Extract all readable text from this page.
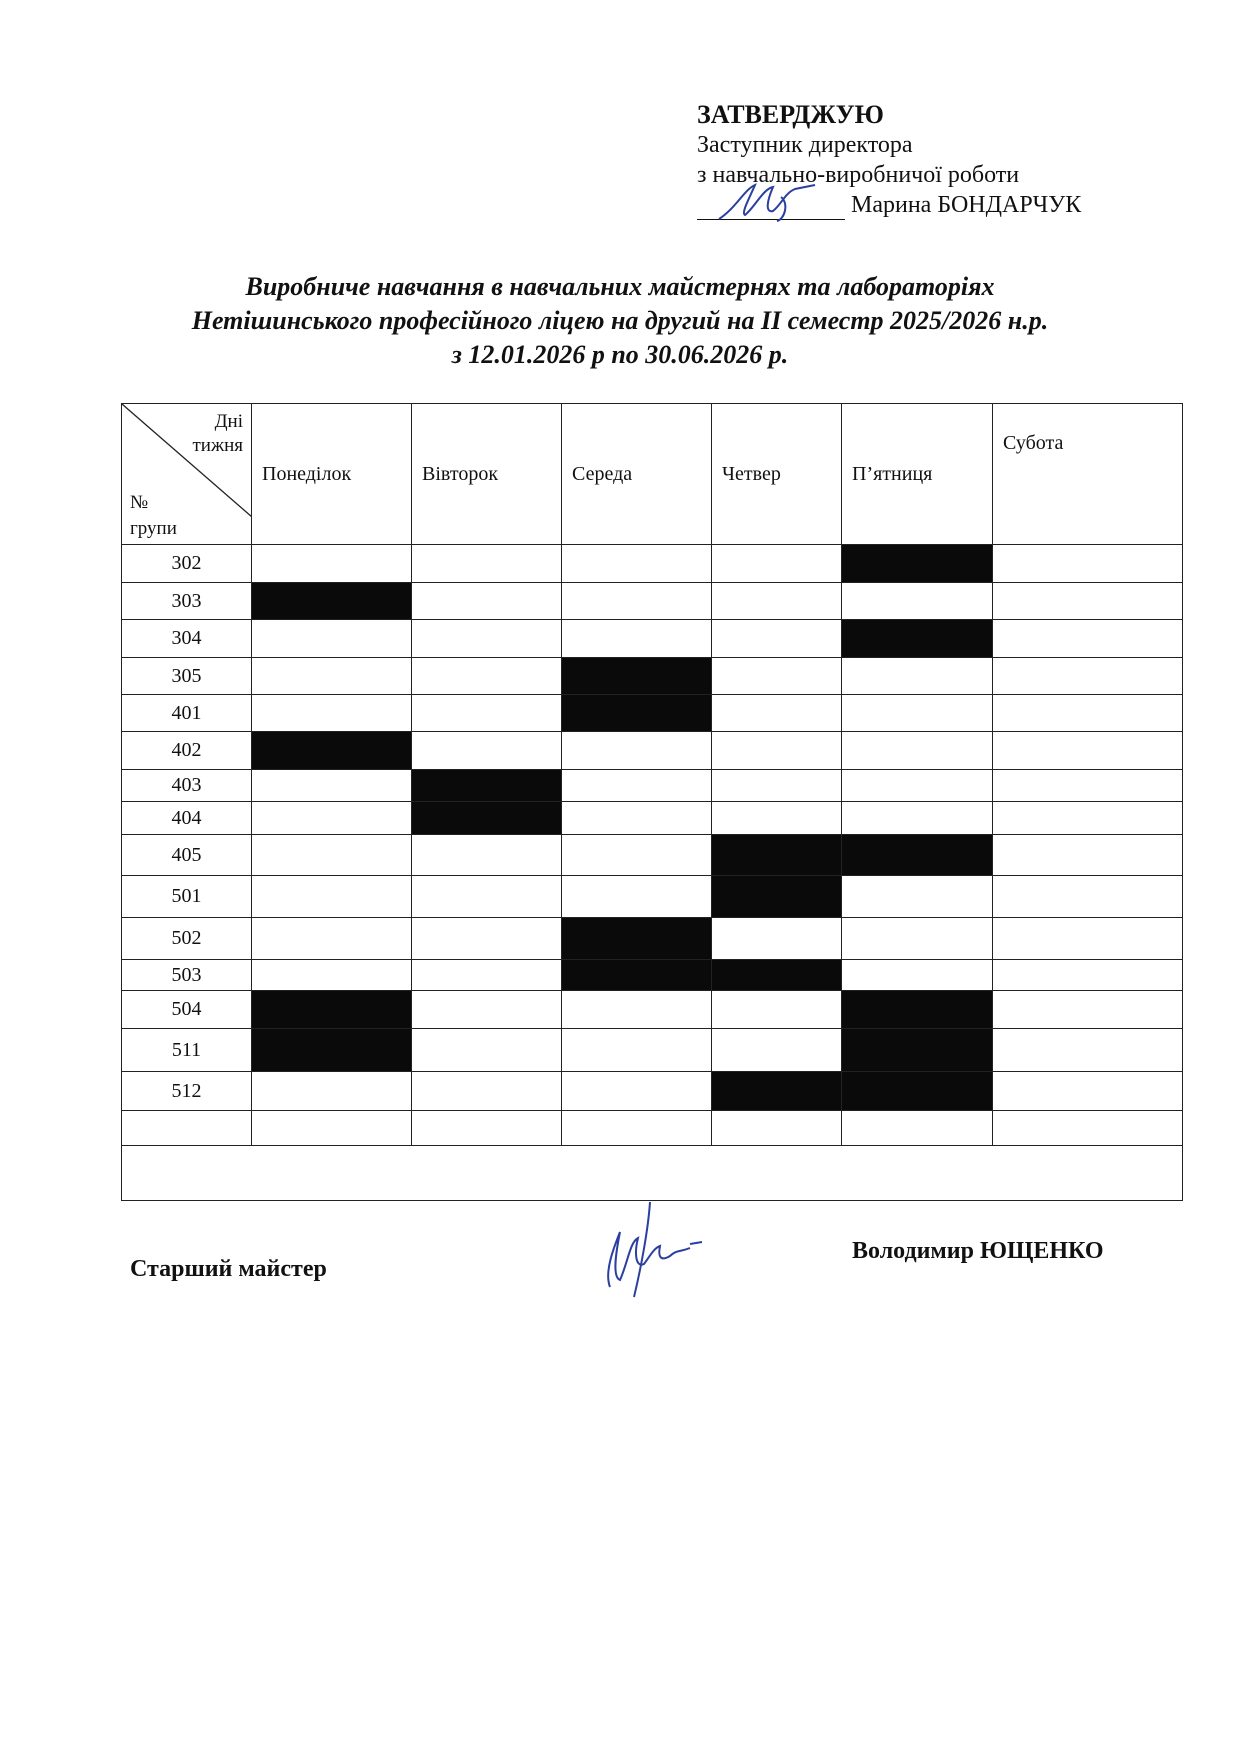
ЗАТВЕРДЖУЮ
Заступник директора
з навчально-виробничої роботи
Марина БОНДАРЧУК
Виробниче навчання в навчальних майстернях та лабораторіях
Нетішинського професійного ліцею на другий на II семестр 2025/2026 н.р.
з 12.01.2026 р по 30.06.2026 р.
Дні
тижня
№
групи	Понеділок	Вівторок	Середа	Четвер	П’ятниця	Субота
302						
303						
304						
305						
401						
402						
403						
404						
405						
501						
502						
503						
504						
511						
512						

Старший майстер
Володимир ЮЩЕНКО
